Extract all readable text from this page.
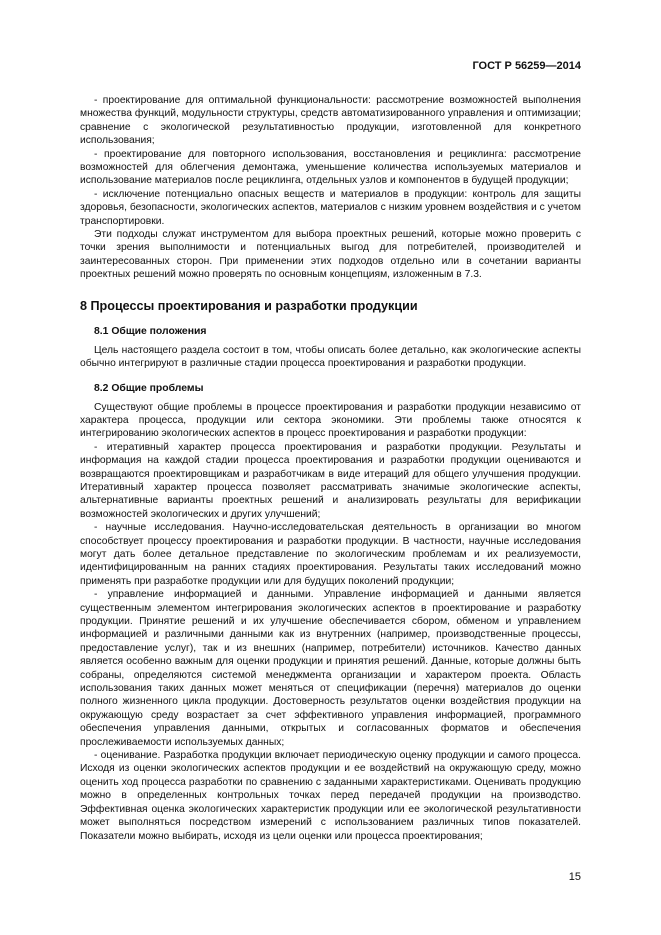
ГОСТ Р 56259—2014

- проектирование для оптимальной функциональности: рассмотрение возможностей выполнения множества функций, модульности структуры, средств автоматизированного управления и оптимизации; сравнение с экологической результативностью продукции, изготовленной для конкретного использования;

- проектирование для повторного использования, восстановления и рециклинга: рассмотрение возможностей для облегчения демонтажа, уменьшение количества используемых материалов и использование материалов после рециклинга, отдельных узлов и компонентов в будущей продукции;

- исключение потенциально опасных веществ и материалов в продукции: контроль для защиты здоровья, безопасности, экологических аспектов, материалов с низким уровнем воздействия и с учетом транспортировки.

Эти подходы служат инструментом для выбора проектных решений, которые можно проверить с точки зрения выполнимости и потенциальных выгод для потребителей, производителей и заинтересованных сторон. При применении этих подходов отдельно или в сочетании варианты проектных решений можно проверять по основным концепциям, изложенным в 7.3.

8 Процессы проектирования и разработки продукции
8.1 Общие положения

Цель настоящего раздела состоит в том, чтобы описать более детально, как экологические аспекты обычно интегрируют в различные стадии процесса проектирования и разработки продукции.

8.2 Общие проблемы

Существуют общие проблемы в процессе проектирования и разработки продукции независимо от характера процесса, продукции или сектора экономики. Эти проблемы также относятся к интегрированию экологических аспектов в процесс проектирования и разработки продукции:

- итеративный характер процесса проектирования и разработки продукции. Результаты и информация на каждой стадии процесса проектирования и разработки продукции оцениваются и возвращаются проектировщикам и разработчикам в виде итераций для общего улучшения продукции. Итеративный характер процесса позволяет рассматривать значимые экологические аспекты, альтернативные варианты проектных решений и анализировать результаты для верификации возможностей экологических и других улучшений;

- научные исследования. Научно-исследовательская деятельность в организации во многом способствует процессу проектирования и разработки продукции. В частности, научные исследования могут дать более детальное представление по экологическим проблемам и их реализуемости, идентифицированным на ранних стадиях проектирования. Результаты таких исследований можно применять при разработке продукции или для будущих поколений продукции;

- управление информацией и данными. Управление информацией и данными является существенным элементом интегрирования экологических аспектов в проектирование и разработку продукции. Принятие решений и их улучшение обеспечивается сбором, обменом и управлением информацией и различными данными как из внутренних (например, производственные процессы, предоставление услуг), так и из внешних (например, потребители) источников. Качество данных является особенно важным для оценки продукции и принятия решений. Данные, которые должны быть собраны, определяются системой менеджмента организации и характером проекта. Область использования таких данных может меняться от спецификации (перечня) материалов до оценки полного жизненного цикла продукции. Достоверность результатов оценки воздействия продукции на окружающую среду возрастает за счет эффективного управления информацией, программного обеспечения управления данными, открытых и согласованных форматов и обеспечения прослеживаемости используемых данных;

- оценивание. Разработка продукции включает периодическую оценку продукции и самого процесса. Исходя из оценки экологических аспектов продукции и ее воздействий на окружающую среду, можно оценить ход процесса разработки по сравнению с заданными характеристиками. Оценивать продукцию можно в определенных контрольных точках перед передачей продукции на производство. Эффективная оценка экологических характеристик продукции или ее экологической результативности может выполняться посредством измерений с использованием различных типов показателей. Показатели можно выбирать, исходя из цели оценки или процесса проектирования;

15
